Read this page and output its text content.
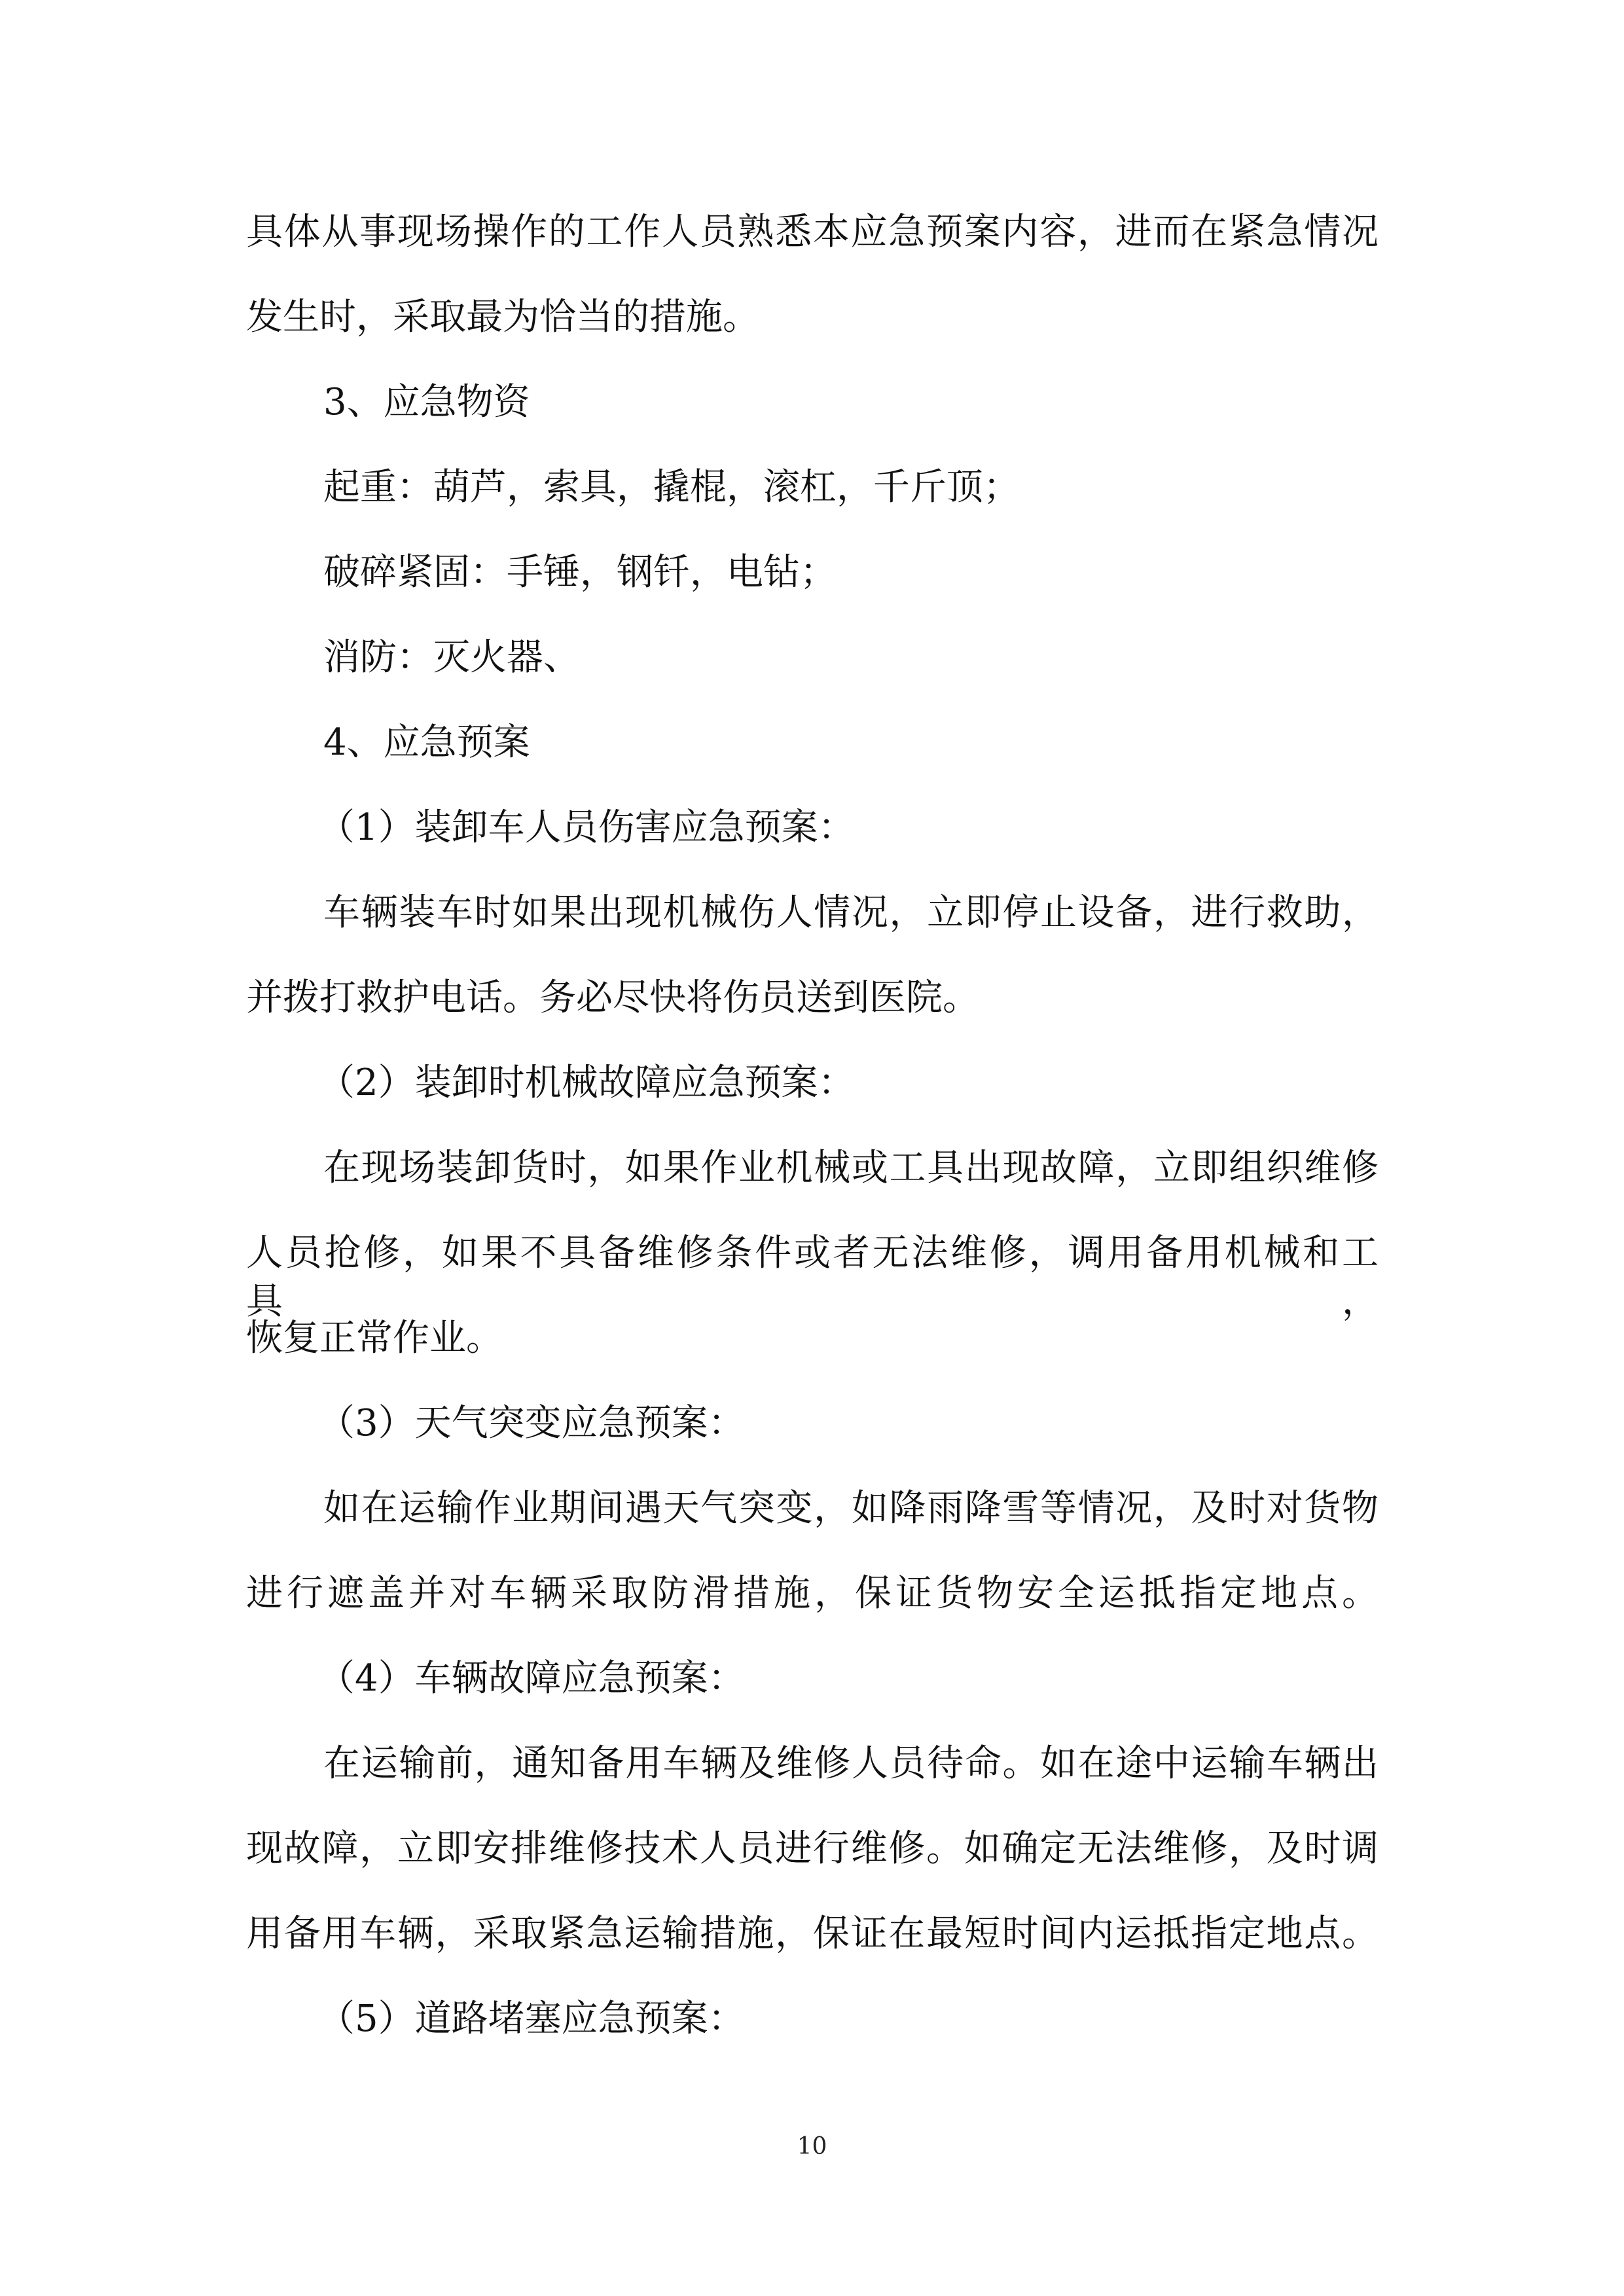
具体从事现场操作的工作人员熟悉本应急预案内容，进而在紧急情况
发生时，采取最为恰当的措施。
3、应急物资
起重：葫芦，索具，撬棍，滚杠，千斤顶；
破碎紧固：手锤，钢钎，电钻；
消防：灭火器、
4、应急预案
（1）装卸车人员伤害应急预案：
车辆装车时如果出现机械伤人情况，立即停止设备，进行救助，
并拨打救护电话。务必尽快将伤员送到医院。
（2）装卸时机械故障应急预案：
在现场装卸货时，如果作业机械或工具出现故障，立即组织维修
人员抢修，如果不具备维修条件或者无法维修，调用备用机械和工具，
恢复正常作业。
（3）天气突变应急预案：
如在运输作业期间遇天气突变，如降雨降雪等情况，及时对货物
进行遮盖并对车辆采取防滑措施，保证货物安全运抵指定地点。
（4）车辆故障应急预案：
在运输前，通知备用车辆及维修人员待命。如在途中运输车辆出
现故障，立即安排维修技术人员进行维修。如确定无法维修，及时调
用备用车辆，采取紧急运输措施，保证在最短时间内运抵指定地点。
（5）道路堵塞应急预案：
10
